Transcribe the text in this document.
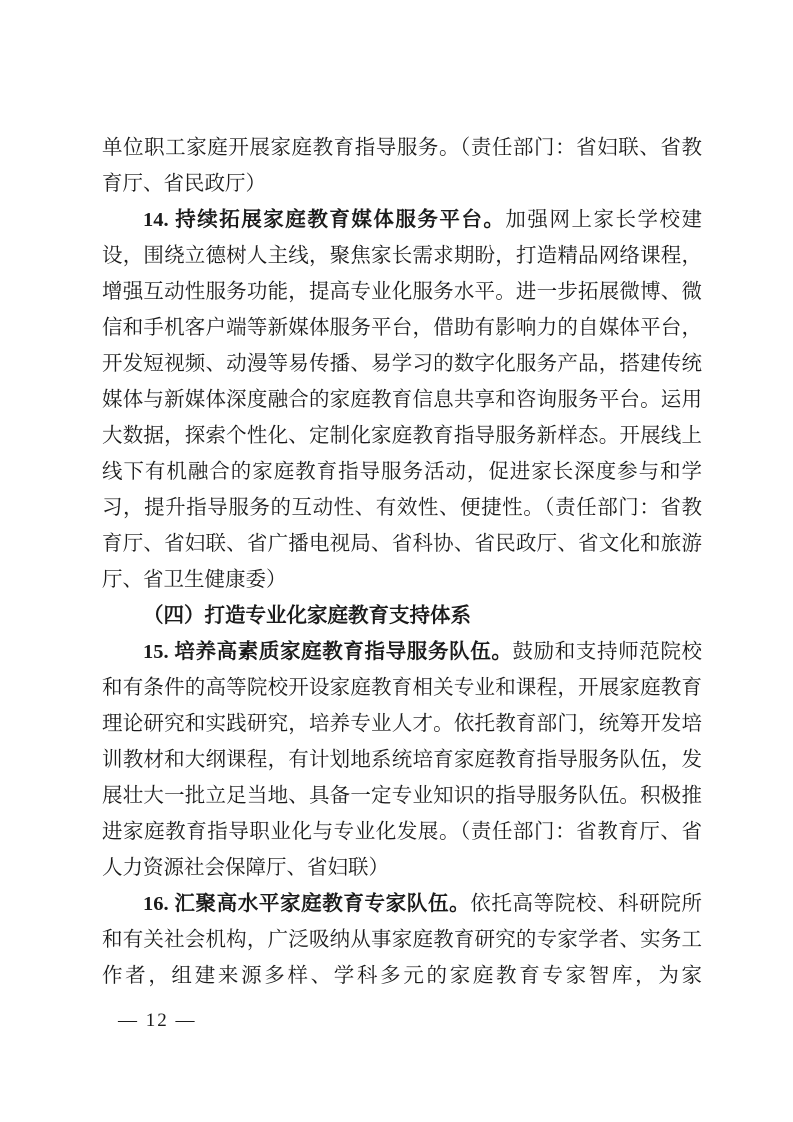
单位职工家庭开展家庭教育指导服务。（责任部门：省妇联、省教育厅、省民政厅）

14. 持续拓展家庭教育媒体服务平台。加强网上家长学校建设，围绕立德树人主线，聚焦家长需求期盼，打造精品网络课程，增强互动性服务功能，提高专业化服务水平。进一步拓展微博、微信和手机客户端等新媒体服务平台，借助有影响力的自媒体平台，开发短视频、动漫等易传播、易学习的数字化服务产品，搭建传统媒体与新媒体深度融合的家庭教育信息共享和咨询服务平台。运用大数据，探索个性化、定制化家庭教育指导服务新样态。开展线上线下有机融合的家庭教育指导服务活动，促进家长深度参与和学习，提升指导服务的互动性、有效性、便捷性。（责任部门：省教育厅、省妇联、省广播电视局、省科协、省民政厅、省文化和旅游厅、省卫生健康委）

（四）打造专业化家庭教育支持体系

15. 培养高素质家庭教育指导服务队伍。鼓励和支持师范院校和有条件的高等院校开设家庭教育相关专业和课程，开展家庭教育理论研究和实践研究，培养专业人才。依托教育部门，统筹开发培训教材和大纲课程，有计划地系统培育家庭教育指导服务队伍，发展壮大一批立足当地、具备一定专业知识的指导服务队伍。积极推进家庭教育指导职业化与专业化发展。（责任部门：省教育厅、省人力资源社会保障厅、省妇联）

16. 汇聚高水平家庭教育专家队伍。依托高等院校、科研院所和有关社会机构，广泛吸纳从事家庭教育研究的专家学者、实务工作者，组建来源多样、学科多元的家庭教育专家智库，为家

— 12 —
